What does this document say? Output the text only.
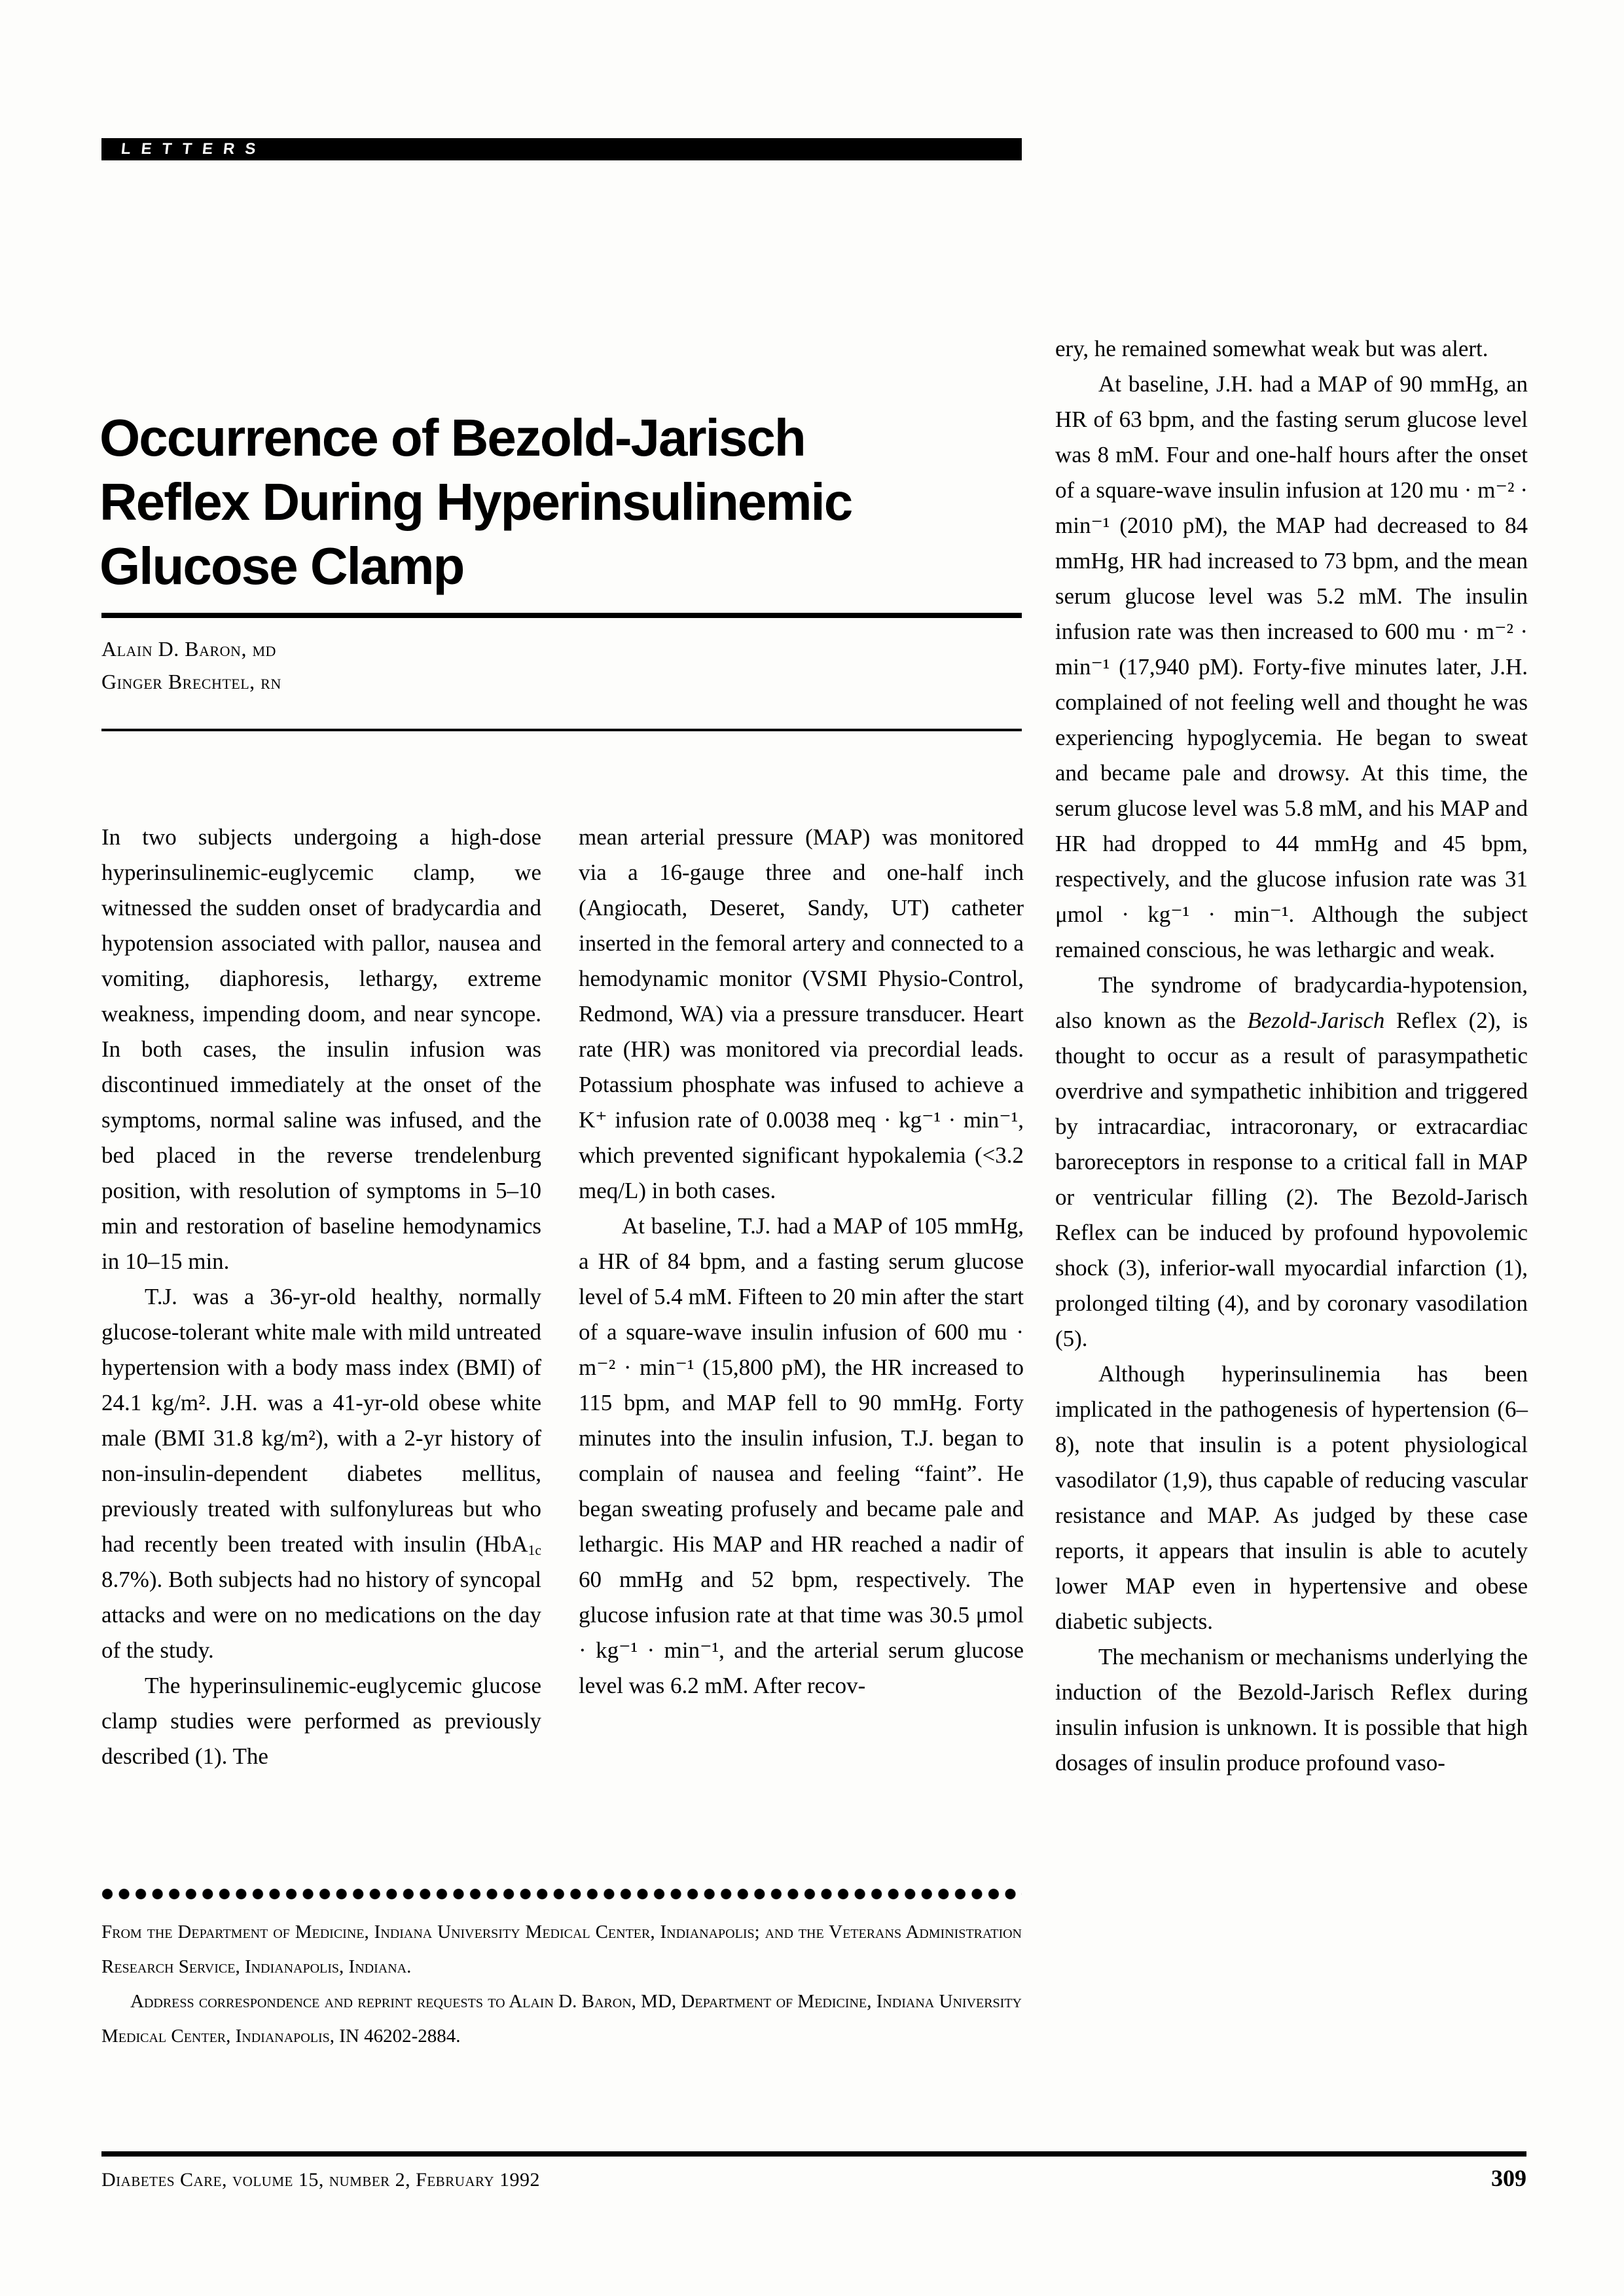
LETTERS
Occurrence of Bezold-Jarisch
Reflex During Hyperinsulinemic
Glucose Clamp
Alain D. Baron, md
Ginger Brechtel, rn

In two subjects undergoing a high-dose hyperinsulinemic-euglycemic clamp, we witnessed the sudden onset of bradycardia and hypotension associated with pallor, nausea and vomiting, diaphoresis, lethargy, extreme weakness, impending doom, and near syncope. In both cases, the insulin infusion was discontinued immediately at the onset of the symptoms, normal saline was infused, and the bed placed in the reverse trendelenburg position, with resolution of symptoms in 5–10 min and restoration of baseline hemodynamics in 10–15 min.

T.J. was a 36-yr-old healthy, normally glucose-tolerant white male with mild untreated hypertension with a body mass index (BMI) of 24.1 kg/m². J.H. was a 41-yr-old obese white male (BMI 31.8 kg/m²), with a 2-yr history of non-insulin-dependent diabetes mellitus, previously treated with sulfonylureas but who had recently been treated with insulin (HbA$_{1c}$ 8.7%). Both subjects had no history of syncopal attacks and were on no medications on the day of the study.

The hyperinsulinemic-euglycemic glucose clamp studies were performed as previously described (1). The

mean arterial pressure (MAP) was monitored via a 16-gauge three and one-half inch (Angiocath, Deseret, Sandy, UT) catheter inserted in the femoral artery and connected to a hemodynamic monitor (VSMI Physio-Control, Redmond, WA) via a pressure transducer. Heart rate (HR) was monitored via precordial leads. Potassium phosphate was infused to achieve a K⁺ infusion rate of 0.0038 meq · kg⁻¹ · min⁻¹, which prevented significant hypokalemia (<3.2 meq/L) in both cases.

At baseline, T.J. had a MAP of 105 mmHg, a HR of 84 bpm, and a fasting serum glucose level of 5.4 mM. Fifteen to 20 min after the start of a square-wave insulin infusion of 600 mu · m⁻² · min⁻¹ (15,800 pM), the HR increased to 115 bpm, and MAP fell to 90 mmHg. Forty minutes into the insulin infusion, T.J. began to complain of nausea and feeling “faint”. He began sweating profusely and became pale and lethargic. His MAP and HR reached a nadir of 60 mmHg and 52 bpm, respectively. The glucose infusion rate at that time was 30.5 μmol · kg⁻¹ · min⁻¹, and the arterial serum glucose level was 6.2 mM. After recov-

ery, he remained somewhat weak but was alert.

At baseline, J.H. had a MAP of 90 mmHg, an HR of 63 bpm, and the fasting serum glucose level was 8 mM. Four and one-half hours after the onset of a square-wave insulin infusion at 120 mu · m⁻² · min⁻¹ (2010 pM), the MAP had decreased to 84 mmHg, HR had increased to 73 bpm, and the mean serum glucose level was 5.2 mM. The insulin infusion rate was then increased to 600 mu · m⁻² · min⁻¹ (17,940 pM). Forty-five minutes later, J.H. complained of not feeling well and thought he was experiencing hypoglycemia. He began to sweat and became pale and drowsy. At this time, the serum glucose level was 5.8 mM, and his MAP and HR had dropped to 44 mmHg and 45 bpm, respectively, and the glucose infusion rate was 31 μmol · kg⁻¹ · min⁻¹. Although the subject remained conscious, he was lethargic and weak.

The syndrome of bradycardia-hypotension, also known as the Bezold-Jarisch Reflex (2), is thought to occur as a result of parasympathetic overdrive and sympathetic inhibition and triggered by intracardiac, intracoronary, or extracardiac baroreceptors in response to a critical fall in MAP or ventricular filling (2). The Bezold-Jarisch Reflex can be induced by profound hypovolemic shock (3), inferior-wall myocardial infarction (1), prolonged tilting (4), and by coronary vasodilation (5).

Although hyperinsulinemia has been implicated in the pathogenesis of hypertension (6–8), note that insulin is a potent physiological vasodilator (1,9), thus capable of reducing vascular resistance and MAP. As judged by these case reports, it appears that insulin is able to acutely lower MAP even in hypertensive and obese diabetic subjects.

The mechanism or mechanisms underlying the induction of the Bezold-Jarisch Reflex during insulin infusion is unknown. It is possible that high dosages of insulin produce profound vaso-

From the Department of Medicine, Indiana University Medical Center, Indianapolis; and the Veterans Administration Research Service, Indianapolis, Indiana.

Address correspondence and reprint requests to Alain D. Baron, MD, Department of Medicine, Indiana University Medical Center, Indianapolis, IN 46202-2884.

Diabetes Care, volume 15, number 2, February 1992	309
